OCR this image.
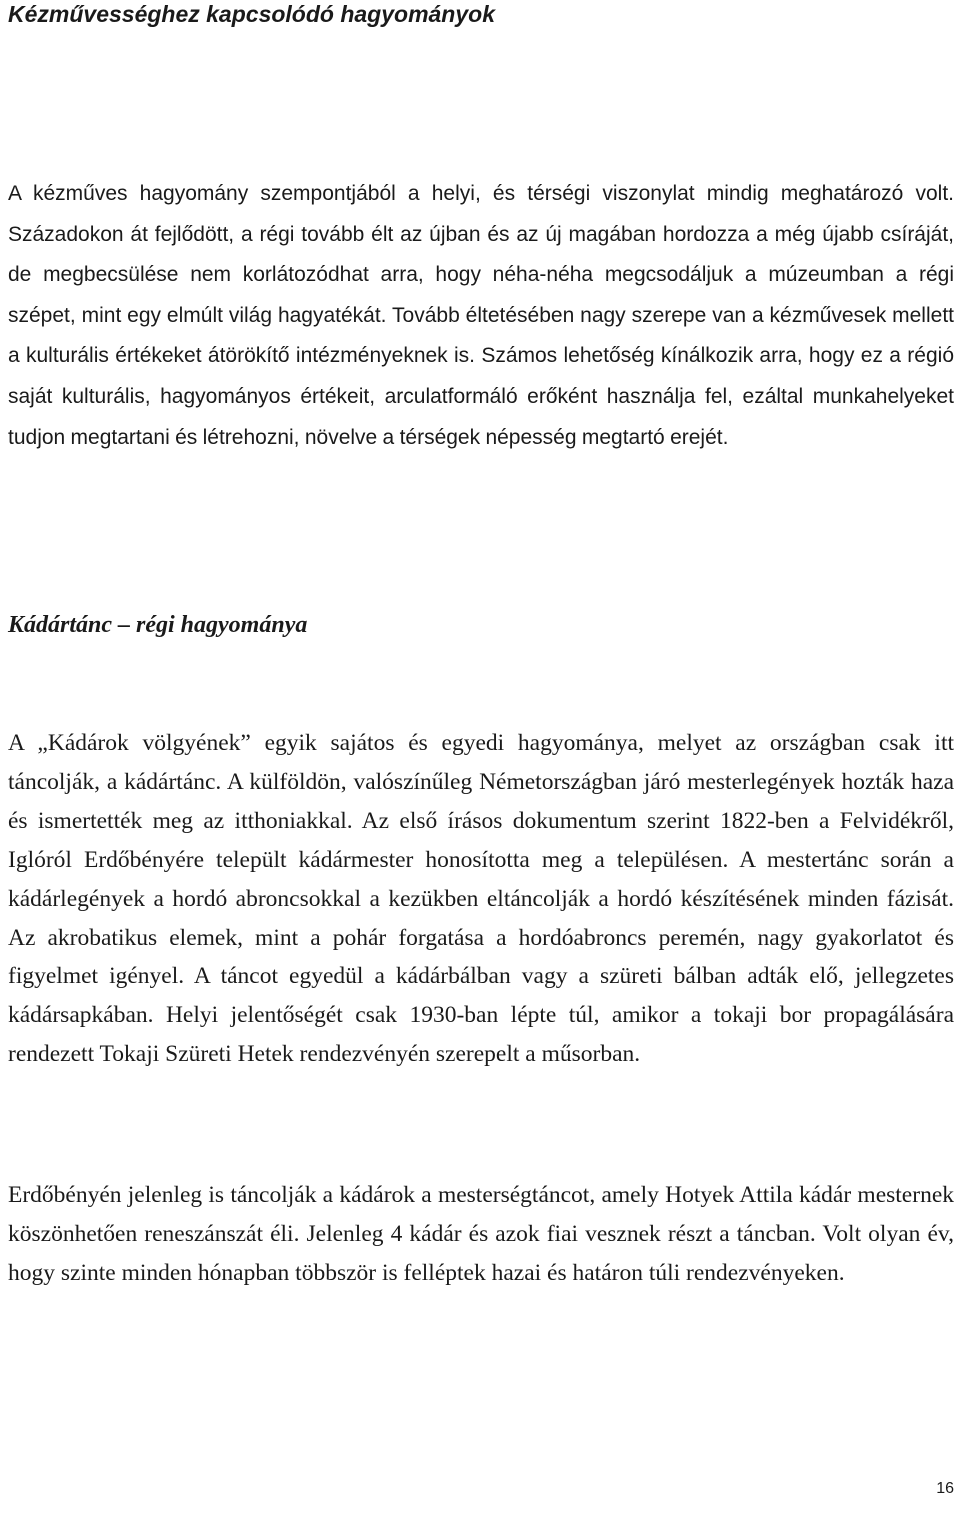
Kézművességhez kapcsolódó hagyományok

A kézműves hagyomány szempontjából a helyi, és térségi viszonylat mindig meghatározó volt. Századokon át fejlődött, a régi tovább élt az újban és az új magában hordozza a még újabb csíráját, de megbecsülése nem korlátozódhat arra, hogy néha-néha megcsodáljuk a múzeumban a régi szépet, mint egy elmúlt világ hagyatékát. Tovább éltetésében nagy szerepe van a kézművesek mellett a kulturális értékeket átörökítő intézményeknek is. Számos lehetőség kínálkozik arra, hogy ez a régió saját kulturális, hagyományos értékeit, arculatformáló erőként használja fel, ezáltal munkahelyeket tudjon megtartani és létrehozni, növelve a térségek népesség megtartó erejét.

Kádártánc – régi hagyománya

A „Kádárok völgyének” egyik sajátos és egyedi hagyománya, melyet az országban csak itt táncolják, a kádártánc. A külföldön, valószínűleg Németországban járó mesterlegények hozták haza és ismertették meg az itthoniakkal. Az első írásos dokumentum szerint 1822-ben a Felvidékről, Iglóról Erdőbényére települt kádármester honosította meg a településen. A mestertánc során a kádárlegények a hordó abroncsokkal a kezükben eltáncolják a hordó készítésének minden fázisát. Az akrobatikus elemek, mint a pohár forgatása a hordóabroncs peremén, nagy gyakorlatot és figyelmet igényel. A táncot egyedül a kádárbálban vagy a szüreti bálban adták elő, jellegzetes kádársapkában. Helyi jelentőségét csak 1930-ban lépte túl, amikor a tokaji bor propagálására rendezett Tokaji Szüreti Hetek rendezvényén szerepelt a műsorban.

Erdőbényén jelenleg is táncolják a kádárok a mesterségtáncot, amely Hotyek Attila kádár mesternek köszönhetően reneszánszát éli. Jelenleg 4 kádár és azok fiai vesznek részt a táncban. Volt olyan év, hogy szinte minden hónapban többször is felléptek hazai és határon túli rendezvényeken.

16
